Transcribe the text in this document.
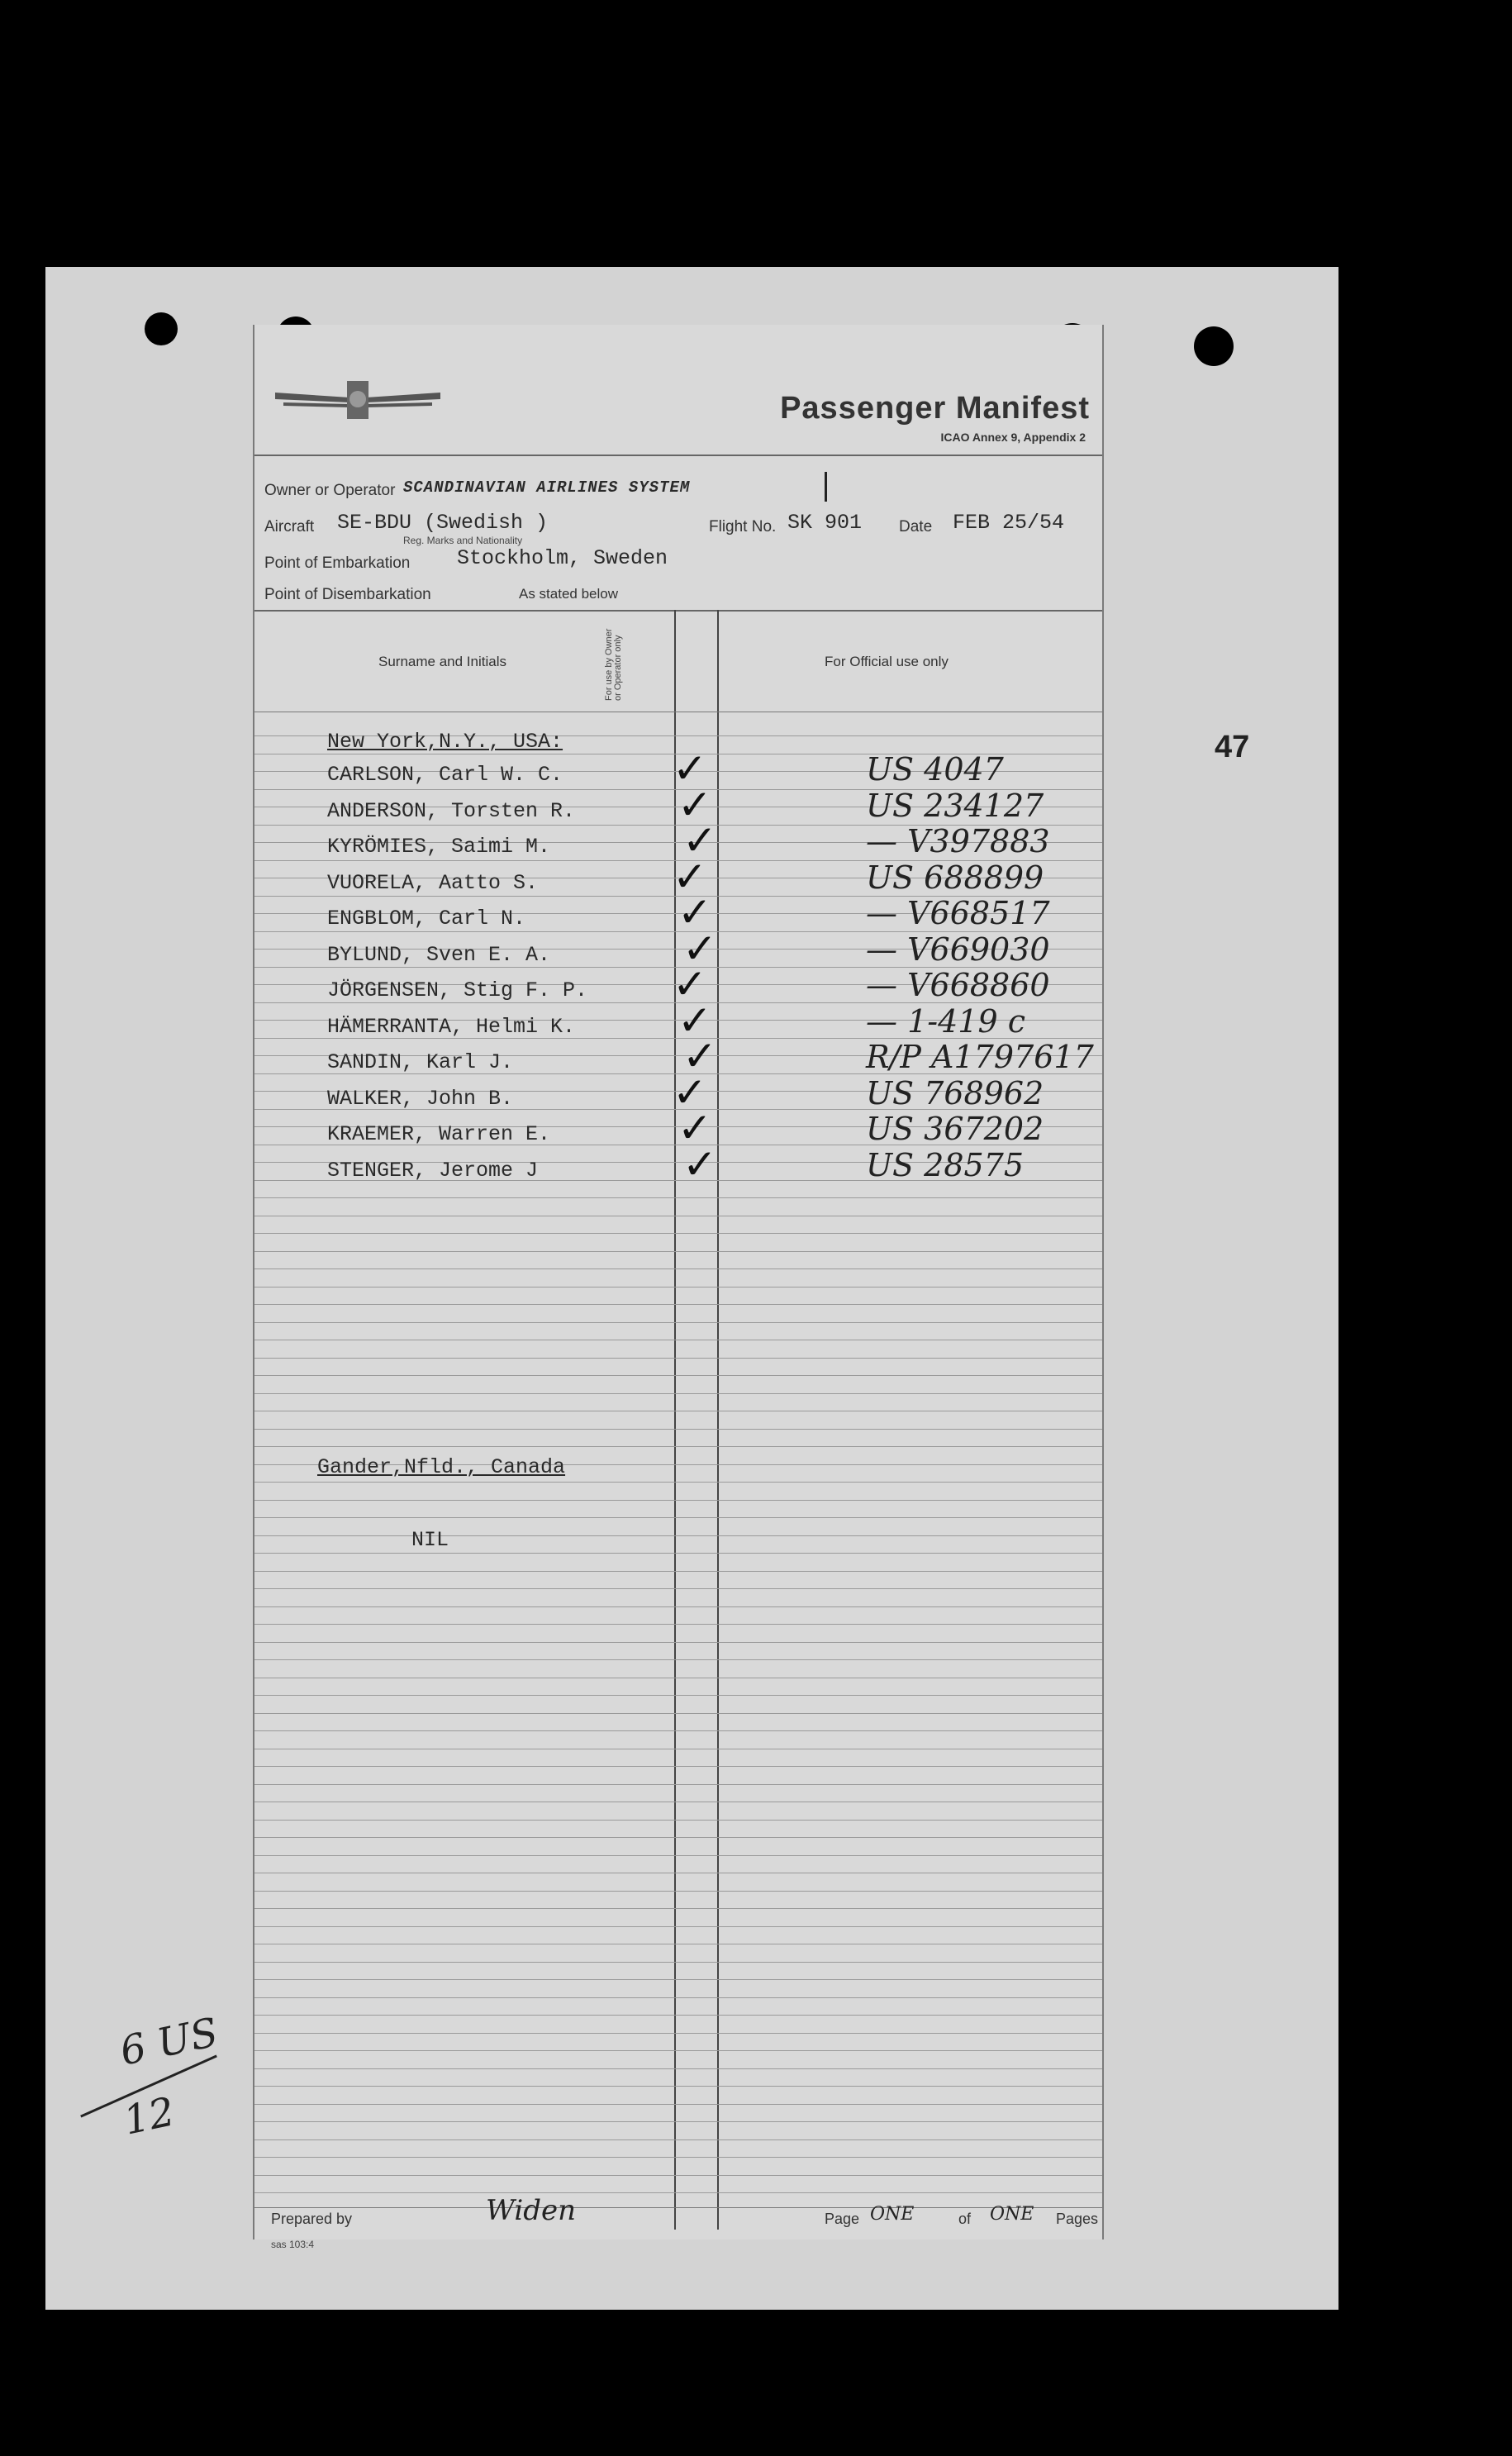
47
6 US
12
Passenger Manifest
ICAO Annex 9, Appendix 2
Owner or Operator SCANDINAVIAN AIRLINES SYSTEM
Aircraft SE-BDU (Swedish )
Reg. Marks and Nationality
Flight No. SK 901 Date FEB 25/54
Point of Embarkation Stockholm, Sweden
Point of Disembarkation	As stated below
Surname and Initials	For use by Owner or Operator only	For Official use only
New York,N.Y., USA:
CARLSON, Carl W. C.	✓	US 4047
ANDERSON, Torsten R. ✓	US 234127
KYRÖMIES, Saimi M.	✓	— V397883
VUORELA, Aatto S.	✓	US 688899
ENGBLOM, Carl N.	✓	— V668517
BYLUND, Sven E. A.	✓	— V669030
JÖRGENSEN, Stig F. P. ✓	— V668860
HÄMERRANTA, Helmi K. ✓	— 1-419 c
SANDIN, Karl J.	✓	R/P A1797617
WALKER, John B.	✓	US 768962
KRAEMER, Warren E.	✓	US 367202
STENGER, Jerome J	✓	US 28575
Gander,Nfld., Canada
NIL
Prepared by	Widen	Page ONE	of ONE Pages
sas 103:4
